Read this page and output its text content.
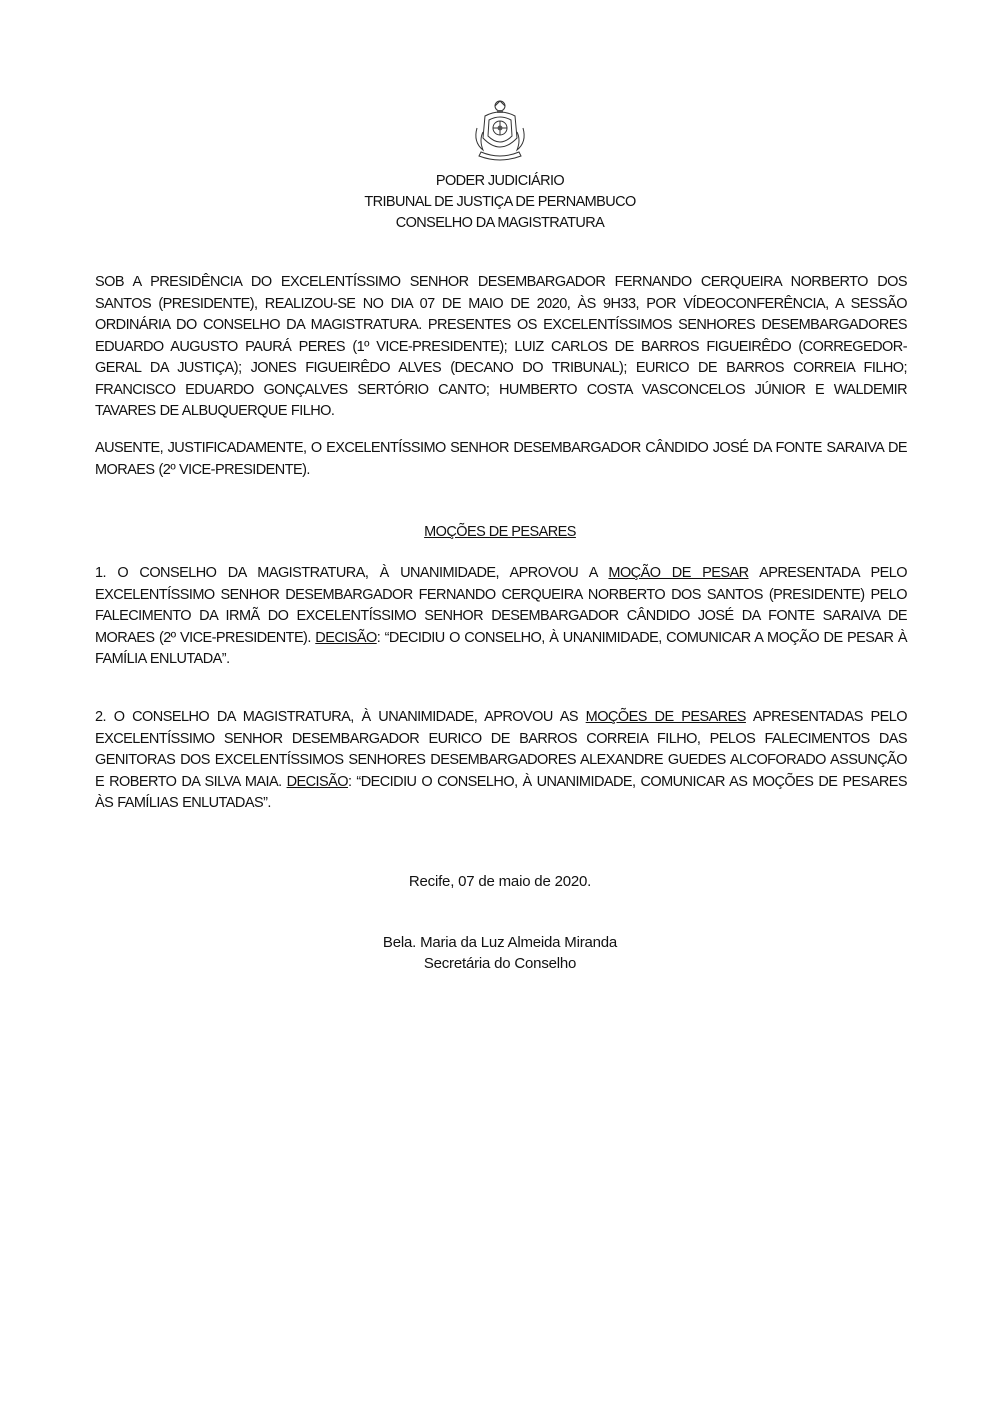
PODER JUDICIÁRIO
TRIBUNAL DE JUSTIÇA DE PERNAMBUCO
CONSELHO DA MAGISTRATURA

SOB A PRESIDÊNCIA DO EXCELENTÍSSIMO SENHOR DESEMBARGADOR FERNANDO CERQUEIRA NORBERTO DOS SANTOS (PRESIDENTE), REALIZOU-SE NO DIA 07 DE MAIO DE 2020, ÀS 9H33, POR VÍDEOCONFERÊNCIA, A SESSÃO ORDINÁRIA DO CONSELHO DA MAGISTRATURA. PRESENTES OS EXCELENTÍSSIMOS SENHORES DESEMBARGADORES EDUARDO AUGUSTO PAURÁ PERES (1º VICE-PRESIDENTE); LUIZ CARLOS DE BARROS FIGUEIRÊDO (CORREGEDOR-GERAL DA JUSTIÇA); JONES FIGUEIRÊDO ALVES (DECANO DO TRIBUNAL); EURICO DE BARROS CORREIA FILHO; FRANCISCO EDUARDO GONÇALVES SERTÓRIO CANTO; HUMBERTO COSTA VASCONCELOS JÚNIOR E WALDEMIR TAVARES DE ALBUQUERQUE FILHO.

AUSENTE, JUSTIFICADAMENTE, O EXCELENTÍSSIMO SENHOR DESEMBARGADOR CÂNDIDO JOSÉ DA FONTE SARAIVA DE MORAES (2º VICE-PRESIDENTE).

MOÇÕES DE PESARES

1. O CONSELHO DA MAGISTRATURA, À UNANIMIDADE, APROVOU A MOÇÃO DE PESAR APRESENTADA PELO EXCELENTÍSSIMO SENHOR DESEMBARGADOR FERNANDO CERQUEIRA NORBERTO DOS SANTOS (PRESIDENTE) PELO FALECIMENTO DA IRMÃ DO EXCELENTÍSSIMO SENHOR DESEMBARGADOR CÂNDIDO JOSÉ DA FONTE SARAIVA DE MORAES (2º VICE-PRESIDENTE). DECISÃO: “DECIDIU O CONSELHO, À UNANIMIDADE, COMUNICAR A MOÇÃO DE PESAR À FAMÍLIA ENLUTADA”.

2. O CONSELHO DA MAGISTRATURA, À UNANIMIDADE, APROVOU AS MOÇÕES DE PESARES APRESENTADAS PELO EXCELENTÍSSIMO SENHOR DESEMBARGADOR EURICO DE BARROS CORREIA FILHO, PELOS FALECIMENTOS DAS GENITORAS DOS EXCELENTÍSSIMOS SENHORES DESEMBARGADORES ALEXANDRE GUEDES ALCOFORADO ASSUNÇÃO E ROBERTO DA SILVA MAIA. DECISÃO: “DECIDIU O CONSELHO, À UNANIMIDADE, COMUNICAR AS MOÇÕES DE PESARES ÀS FAMÍLIAS ENLUTADAS”.

Recife, 07 de maio de 2020.
Bela. Maria da Luz Almeida Miranda
Secretária do Conselho
